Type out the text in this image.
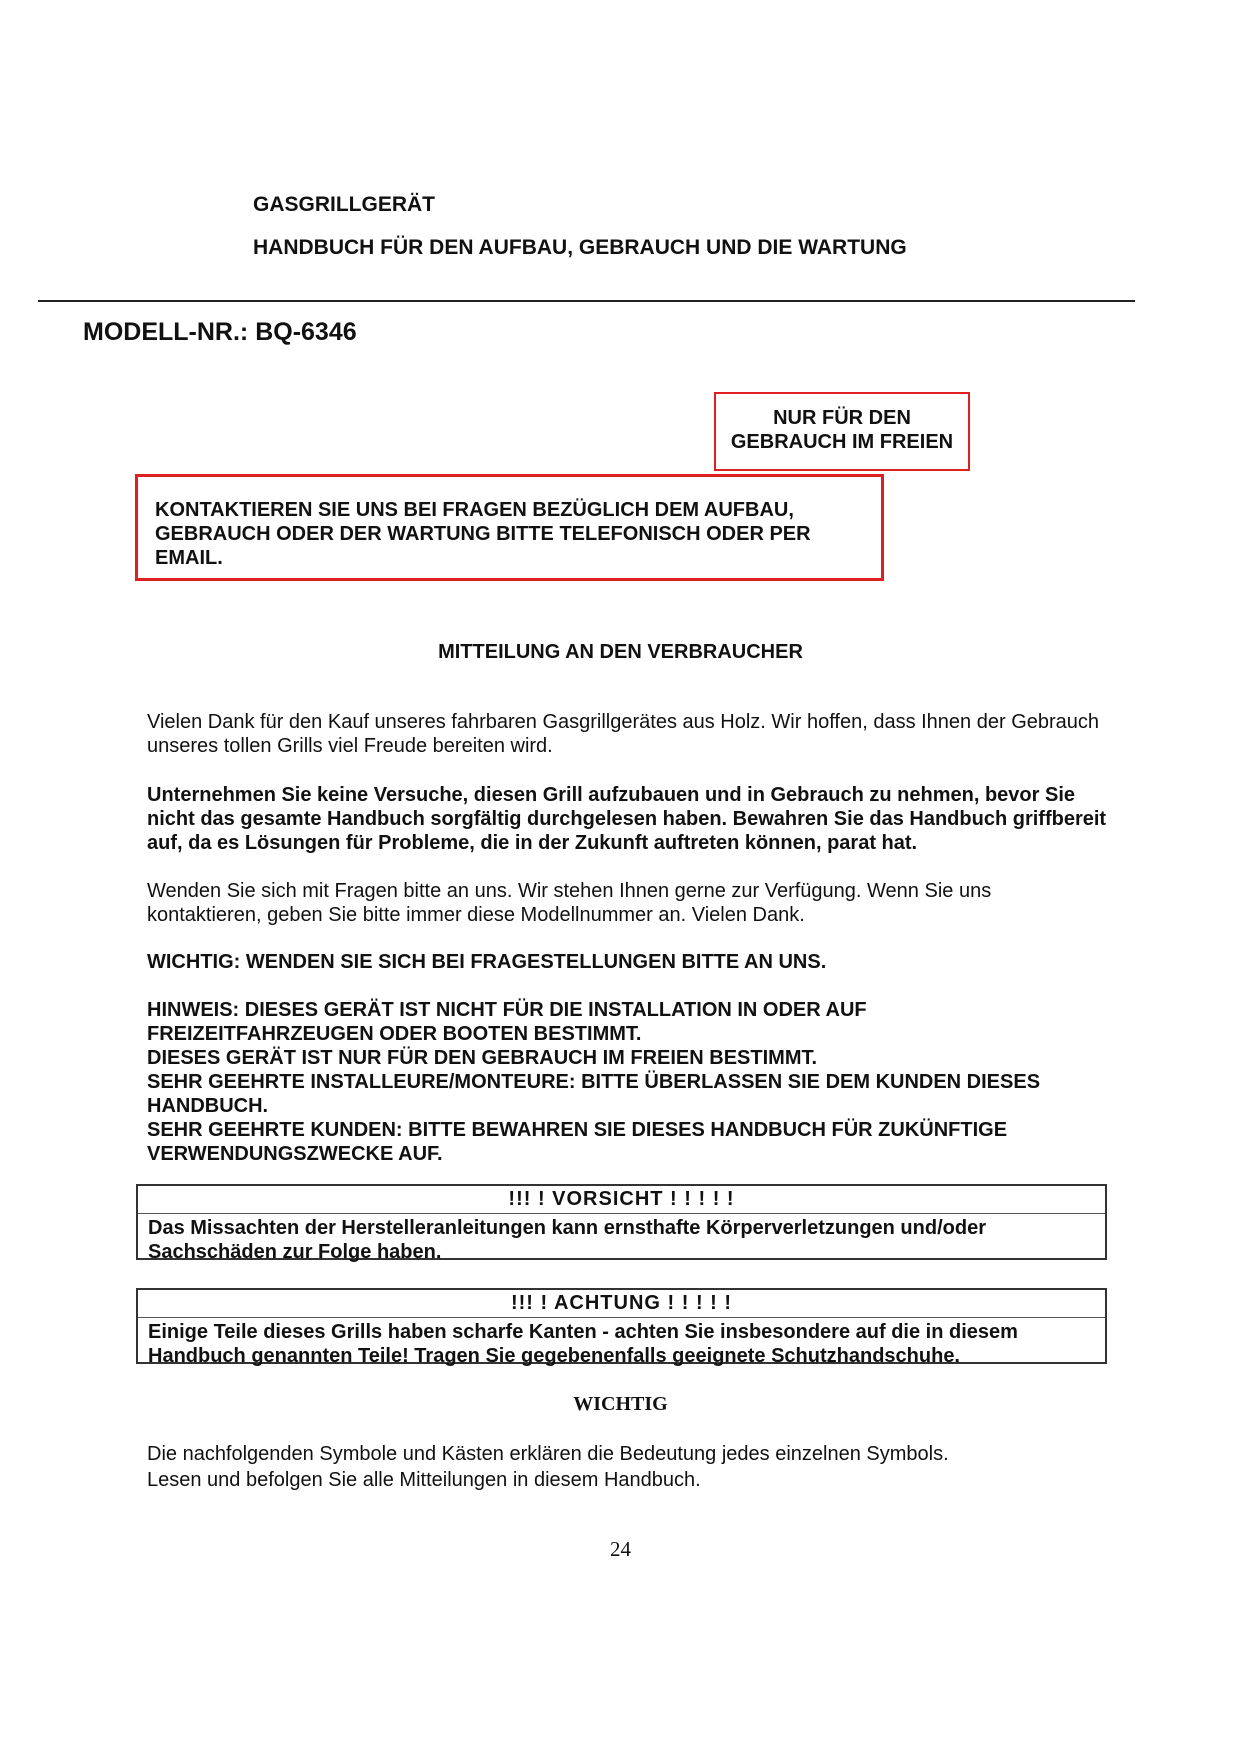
GASGRILLGERÄT
HANDBUCH FÜR DEN AUFBAU, GEBRAUCH UND DIE WARTUNG
MODELL-NR.: BQ-6346
NUR FÜR DEN
GEBRAUCH IM FREIEN
KONTAKTIEREN SIE UNS BEI FRAGEN BEZÜGLICH DEM AUFBAU,
GEBRAUCH ODER DER WARTUNG BITTE TELEFONISCH ODER PER
EMAIL.
MITTEILUNG AN DEN VERBRAUCHER
Vielen Dank für den Kauf unseres fahrbaren Gasgrillgerätes aus Holz. Wir hoffen, dass Ihnen der Gebrauch unseres tollen Grills viel Freude bereiten wird.
Unternehmen Sie keine Versuche, diesen Grill aufzubauen und in Gebrauch zu nehmen, bevor Sie nicht das gesamte Handbuch sorgfältig durchgelesen haben. Bewahren Sie das Handbuch griffbereit auf, da es Lösungen für Probleme, die in der Zukunft auftreten können, parat hat.
Wenden Sie sich mit Fragen bitte an uns. Wir stehen Ihnen gerne zur Verfügung. Wenn Sie uns kontaktieren, geben Sie bitte immer diese Modellnummer an. Vielen Dank.
WICHTIG: WENDEN SIE SICH BEI FRAGESTELLUNGEN BITTE AN UNS.
HINWEIS: DIESES GERÄT IST NICHT FÜR DIE INSTALLATION IN ODER AUF
FREIZEITFAHRZEUGEN ODER BOOTEN BESTIMMT.
DIESES GERÄT IST NUR FÜR DEN GEBRAUCH IM FREIEN BESTIMMT.
SEHR GEEHRTE INSTALLEURE/MONTEURE: BITTE ÜBERLASSEN SIE DEM KUNDEN DIESES
HANDBUCH.
SEHR GEEHRTE KUNDEN: BITTE BEWAHREN SIE DIESES HANDBUCH FÜR ZUKÜNFTIGE
VERWENDUNGSZWECKE AUF.
!!! ! VORSICHT ! ! ! ! !
Das Missachten der Herstelleranleitungen kann ernsthafte Körperverletzungen und/oder Sachschäden zur Folge haben.
!!! ! ACHTUNG ! ! ! ! !
Einige Teile dieses Grills haben scharfe Kanten - achten Sie insbesondere auf die in diesem Handbuch genannten Teile! Tragen Sie gegebenenfalls geeignete Schutzhandschuhe.
WICHTIG
Die nachfolgenden Symbole und Kästen erklären die Bedeutung jedes einzelnen Symbols.
Lesen und befolgen Sie alle Mitteilungen in diesem Handbuch.
24
